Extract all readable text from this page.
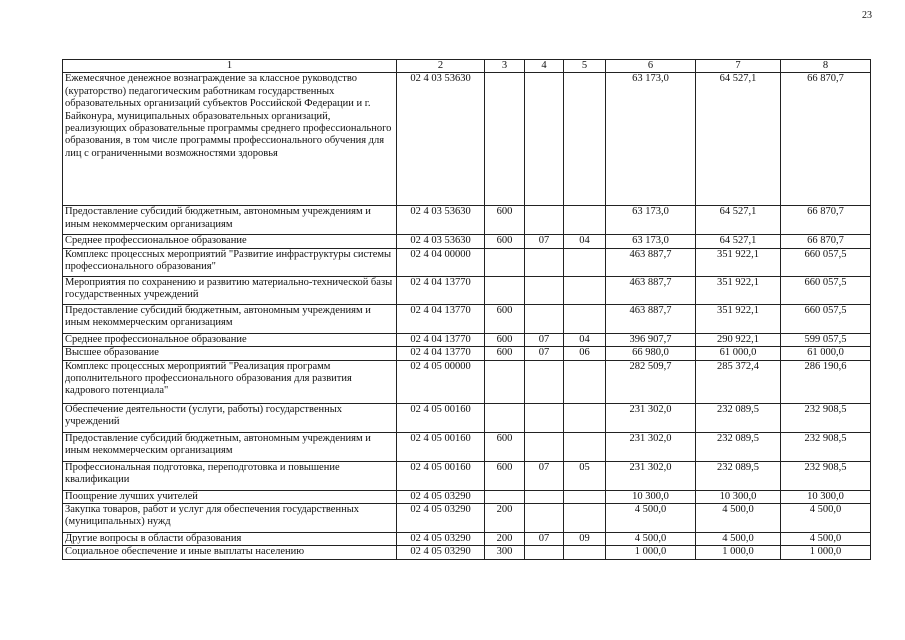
23
1	2	3	4	5	6	7	8
Ежемесячное денежное вознаграждение за классное руководство (кураторство) педагогическим работникам государственных образовательных организаций субъектов Российской Федерации и г. Байконура, муниципальных образовательных организаций, реализующих образовательные программы среднего профессионального образования, в том числе программы профессионального обучения для лиц с ограниченными возможностями здоровья	02 4 03 53630				63 173,0	64 527,1	66 870,7
Предоставление субсидий бюджетным, автономным учреждениям и иным некоммерческим организациям	02 4 03 53630	600			63 173,0	64 527,1	66 870,7
Среднее профессиональное образование	02 4 03 53630	600	07	04	63 173,0	64 527,1	66 870,7
Комплекс процессных мероприятий "Развитие инфраструктуры системы профессионального образования"	02 4 04 00000				463 887,7	351 922,1	660 057,5
Мероприятия по сохранению и развитию материально-технической базы государственных учреждений	02 4 04 13770				463 887,7	351 922,1	660 057,5
Предоставление субсидий бюджетным, автономным учреждениям и иным некоммерческим организациям	02 4 04 13770	600			463 887,7	351 922,1	660 057,5
Среднее профессиональное образование	02 4 04 13770	600	07	04	396 907,7	290 922,1	599 057,5
Высшее образование	02 4 04 13770	600	07	06	66 980,0	61 000,0	61 000,0
Комплекс процессных мероприятий "Реализация программ дополнительного профессионального образования для развития кадрового потенциала"	02 4 05 00000				282 509,7	285 372,4	286 190,6
Обеспечение деятельности (услуги, работы) государственных учреждений	02 4 05 00160				231 302,0	232 089,5	232 908,5
Предоставление субсидий бюджетным, автономным учреждениям и иным некоммерческим организациям	02 4 05 00160	600			231 302,0	232 089,5	232 908,5
Профессиональная подготовка, переподготовка и повышение квалификации	02 4 05 00160	600	07	05	231 302,0	232 089,5	232 908,5
Поощрение лучших учителей	02 4 05 03290				10 300,0	10 300,0	10 300,0
Закупка товаров, работ и услуг для обеспечения государственных (муниципальных) нужд	02 4 05 03290	200			4 500,0	4 500,0	4 500,0
Другие вопросы в области образования	02 4 05 03290	200	07	09	4 500,0	4 500,0	4 500,0
Социальное обеспечение и иные выплаты населению	02 4 05 03290	300			1 000,0	1 000,0	1 000,0
